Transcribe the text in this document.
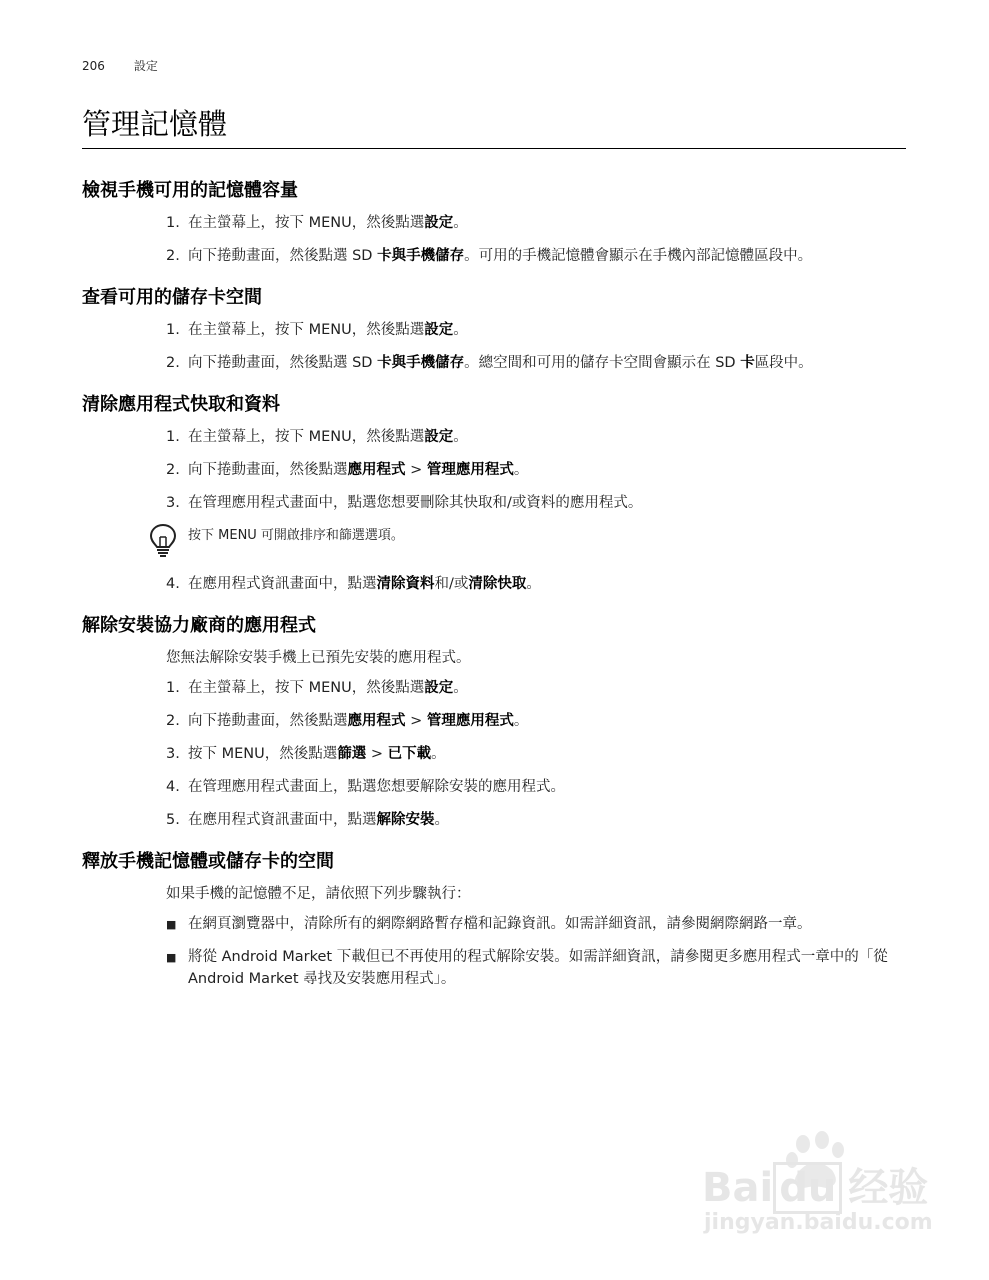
206 設定
管理記憶體
檢視手機可用的記憶體容量
1. 在主螢幕上，按下 MENU，然後點選設定。
2. 向下捲動畫面，然後點選 SD 卡與手機儲存。可用的手機記憶體會顯示在手機內部記憶體區段中。
查看可用的儲存卡空間
1. 在主螢幕上，按下 MENU，然後點選設定。
2. 向下捲動畫面，然後點選 SD 卡與手機儲存。總空間和可用的儲存卡空間會顯示在 SD 卡區段中。
清除應用程式快取和資料
1. 在主螢幕上，按下 MENU，然後點選設定。
2. 向下捲動畫面，然後點選應用程式 > 管理應用程式。
3. 在管理應用程式畫面中，點選您想要刪除其快取和/或資料的應用程式。
按下 MENU 可開啟排序和篩選選項。
4. 在應用程式資訊畫面中，點選清除資料和/或清除快取。
解除安裝協力廠商的應用程式
您無法解除安裝手機上已預先安裝的應用程式。
1. 在主螢幕上，按下 MENU，然後點選設定。
2. 向下捲動畫面，然後點選應用程式 > 管理應用程式。
3. 按下 MENU，然後點選篩選 > 已下載。
4. 在管理應用程式畫面上，點選您想要解除安裝的應用程式。
5. 在應用程式資訊畫面中，點選解除安裝。
釋放手機記憶體或儲存卡的空間
如果手機的記憶體不足，請依照下列步驟執行：
■ 在網頁瀏覽器中，清除所有的網際網路暫存檔和記錄資訊。如需詳細資訊，請參閱網際網路一章。
■ 將從 Android Market 下載但已不再使用的程式解除安裝。如需詳細資訊，請參閱更多應用程式一章中的「從 Android Market 尋找及安裝應用程式」。
Bai du 经验
jingyan.baidu.com
